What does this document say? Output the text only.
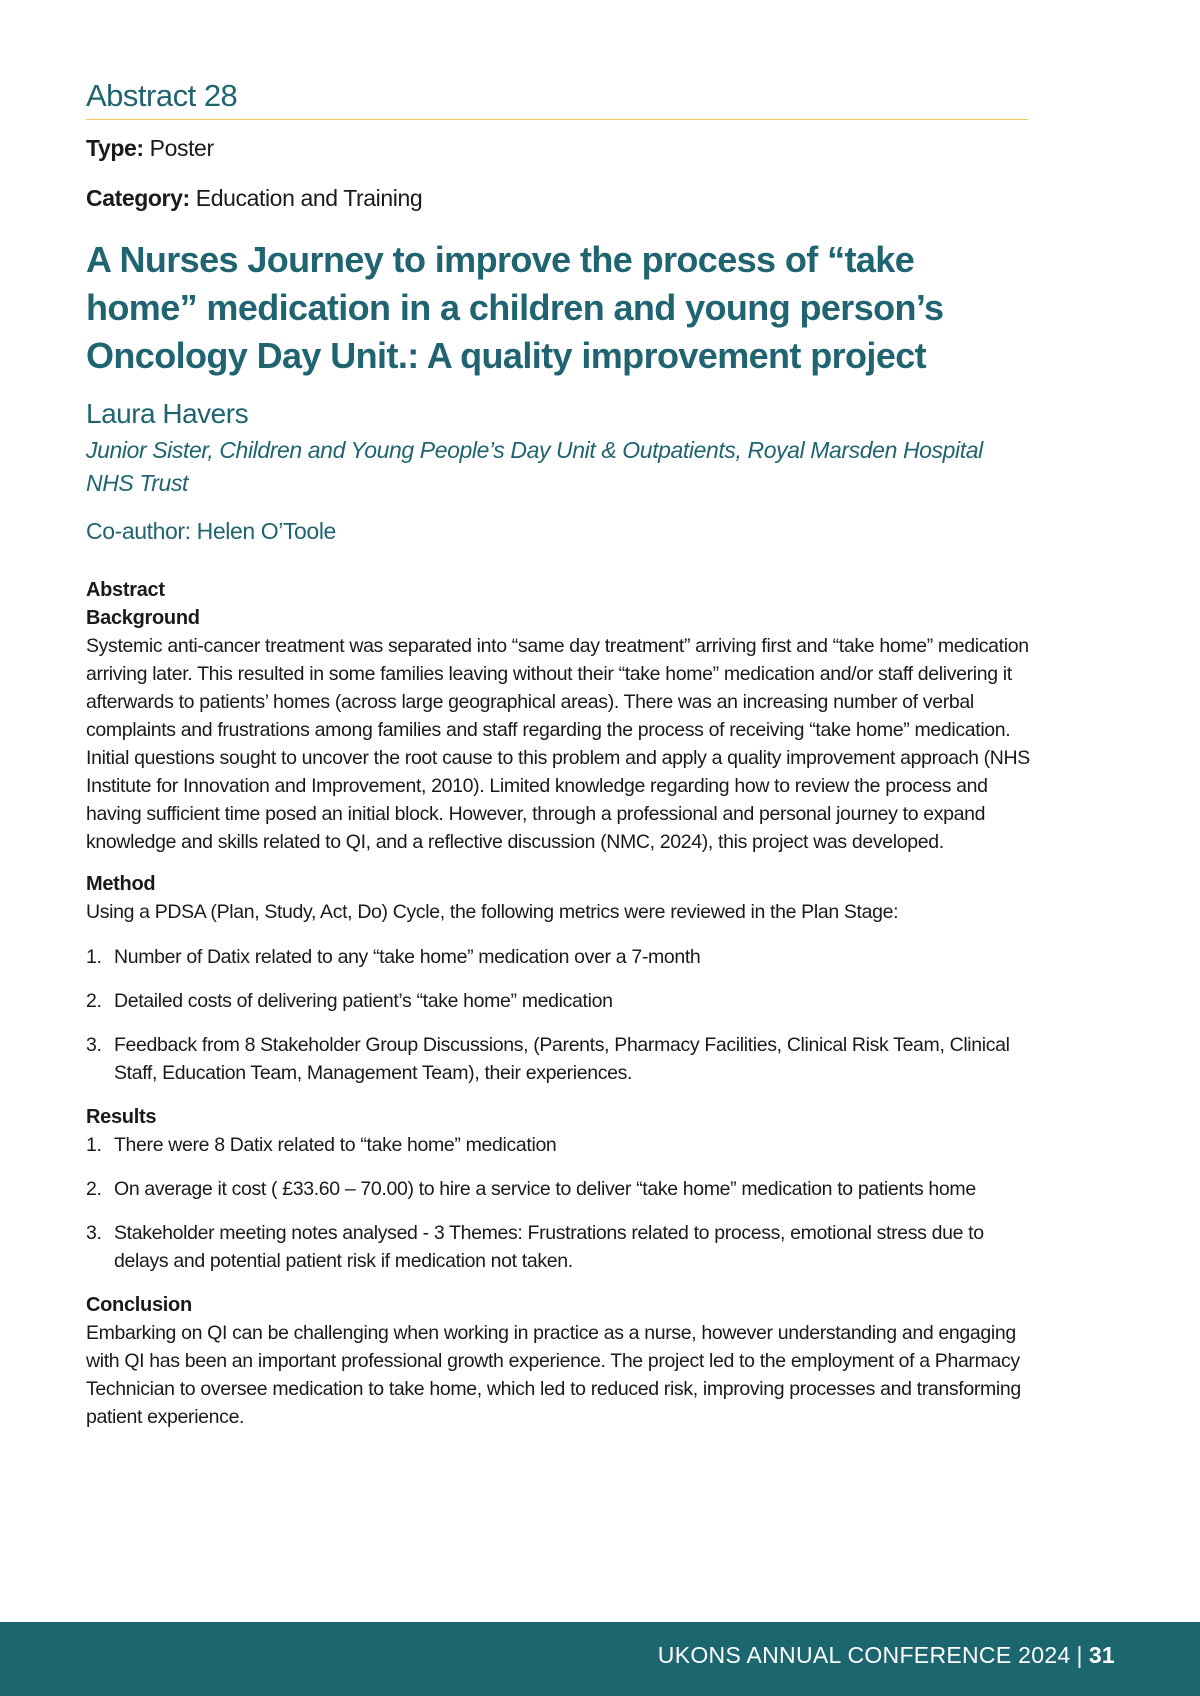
Abstract 28
Type: Poster
Category: Education and Training
A Nurses Journey to improve the process of “take home” medication in a children and young person’s Oncology Day Unit.: A quality improvement project
Laura Havers
Junior Sister, Children and Young People’s Day Unit & Outpatients, Royal Marsden Hospital NHS Trust
Co-author: Helen O’Toole
Abstract
Background

Systemic anti-cancer treatment was separated into “same day treatment” arriving first and “take home” medication arriving later. This resulted in some families leaving without their “take home” medication and/or staff delivering it afterwards to patients’ homes (across large geographical areas). There was an increasing number of verbal complaints and frustrations among families and staff regarding the process of receiving “take home” medication. Initial questions sought to uncover the root cause to this problem and apply a quality improvement approach (NHS Institute for Innovation and Improvement, 2010). Limited knowledge regarding how to review the process and having sufficient time posed an initial block. However, through a professional and personal journey to expand knowledge and skills related to QI, and a reflective discussion (NMC, 2024), this project was developed.

Method

Using a PDSA (Plan, Study, Act, Do) Cycle, the following metrics were reviewed in the Plan Stage:

1. Number of Datix related to any “take home” medication over a 7-month
2. Detailed costs of delivering patient’s “take home” medication
3. Feedback from 8 Stakeholder Group Discussions, (Parents, Pharmacy Facilities, Clinical Risk Team, Clinical Staff, Education Team, Management Team), their experiences.
Results
1. There were 8 Datix related to “take home” medication
2. On average it cost ( £33.60 – 70.00) to hire a service to deliver “take home” medication to patients home
3. Stakeholder meeting notes analysed - 3 Themes: Frustrations related to process, emotional stress due to delays and potential patient risk if medication not taken.
Conclusion

Embarking on QI can be challenging when working in practice as a nurse, however understanding and engaging with QI has been an important professional growth experience. The project led to the employment of a Pharmacy Technician to oversee medication to take home, which led to reduced risk, improving processes and transforming patient experience.

UKONS ANNUAL CONFERENCE 2024 | 31
